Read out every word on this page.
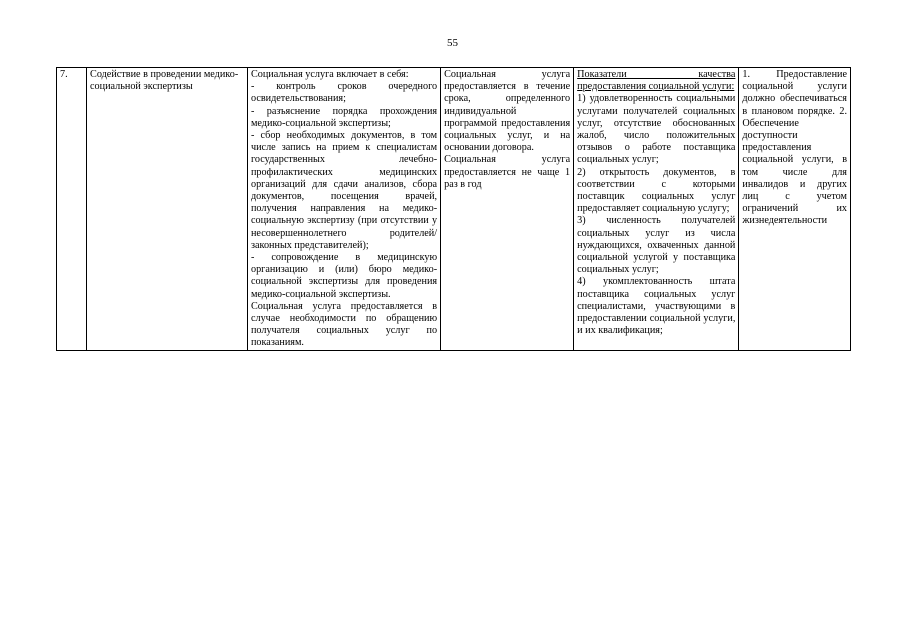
55
7.	Содействие в проведении медико-социальной экспертизы

Социальная услуга включает в себя:
- контроль сроков очередного освидетельствования;
- разъяснение порядка прохождения медико-социальной экспертизы;
- сбор необходимых документов, в том числе запись на прием к специалистам государственных лечебно-профилактических медицинских организаций для сдачи анализов, сбора документов, посещения врачей, получения направления на медико-социальную экспертизу (при отсутствии у несовершеннолетнего родителей/законных представителей);
- сопровождение в медицинскую организацию и (или) бюро медико-социальной экспертизы для проведения медико-социальной экспертизы.
Социальная услуга предоставляется в случае необходимости по обращению получателя социальных услуг по показаниям.

Социальная услуга предоставляется в течение срока, определенного индивидуальной программой предоставления социальных услуг, и на основании договора.
Социальная услуга предоставляется не чаще 1 раз в год

Показатели качества предоставления социальной услуги:
1) удовлетворенность социальными услугами получателей социальных услуг, отсутствие обоснованных жалоб, число положительных отзывов о работе поставщика социальных услуг;
2) открытость документов, в соответствии с которыми поставщик социальных услуг предоставляет социальную услугу;
3) численность получателей социальных услуг из числа нуждающихся, охваченных данной социальной услугой у поставщика социальных услуг;
4) укомплектованность штата поставщика социальных услуг специалистами, участвующими в предоставлении социальной услуги, и их квалификация;

1. Предоставление социальной услуги должно обеспечиваться в плановом порядке. 2. Обеспечение доступности предоставления социальной услуги, в том числе для инвалидов и других лиц с учетом ограничений их жизнедеятельности
